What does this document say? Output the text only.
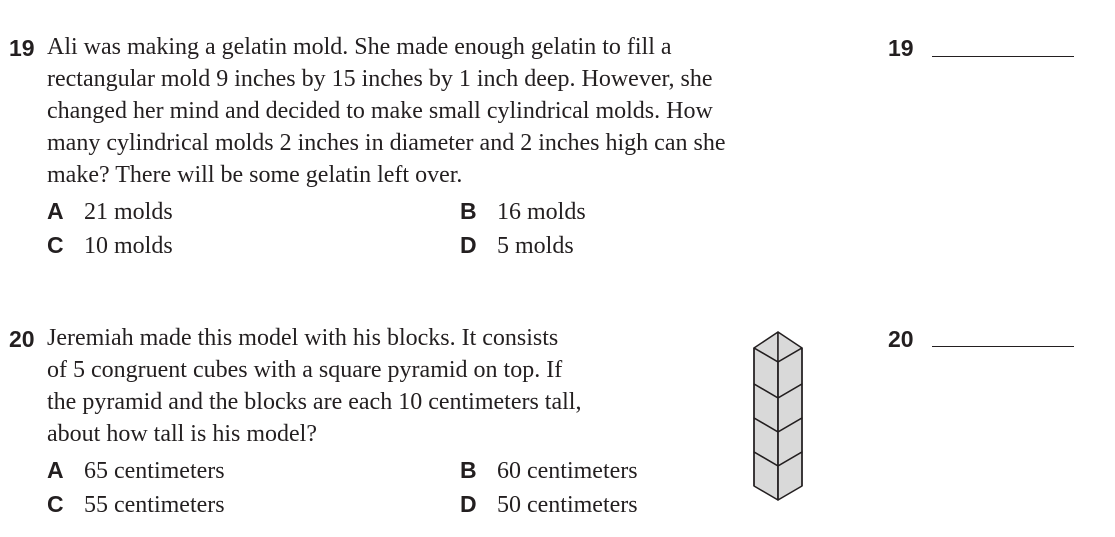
19 Ali was making a gelatin mold. She made enough gelatin to fill a
rectangular mold 9 inches by 15 inches by 1 inch deep. However, she
changed her mind and decided to make small cylindrical molds. How
many cylindrical molds 2 inches in diameter and 2 inches high can she
make? There will be some gelatin left over.
A 21 molds	B 16 molds
C 10 molds	D 5 molds
19
20 Jeremiah made this model with his blocks. It consists
of 5 congruent cubes with a square pyramid on top. If
the pyramid and the blocks are each 10 centimeters tall,
about how tall is his model?
A 65 centimeters	B 60 centimeters
C 55 centimeters	D 50 centimeters
20
